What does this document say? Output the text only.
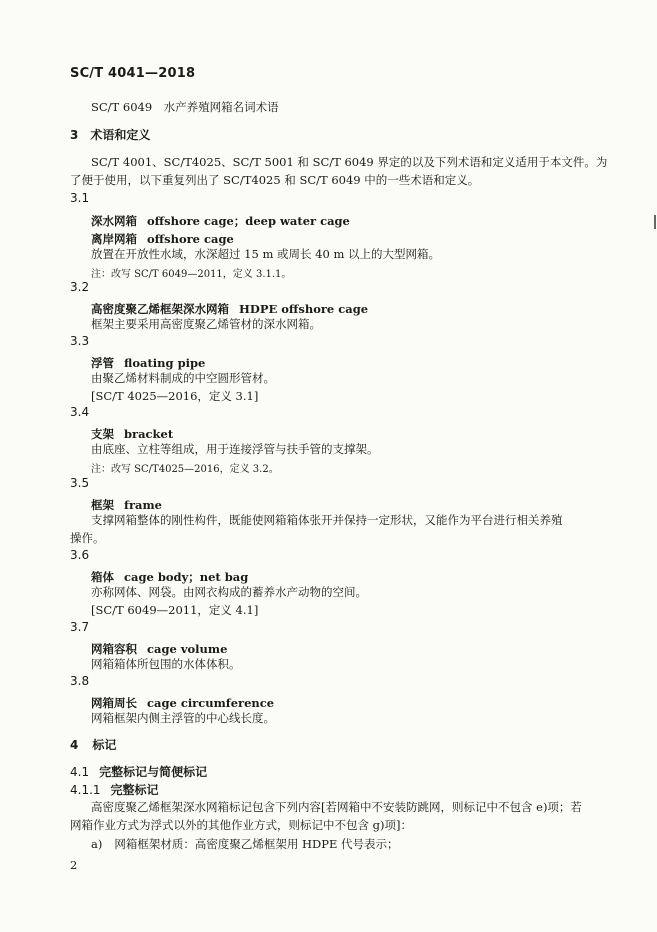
SC/T 4041—2018
SC/T 6049　水产养殖网箱名词术语
3 术语和定义
SC/T 4001、SC/T4025、SC/T 5001 和 SC/T 6049 界定的以及下列术语和定义适用于本文件。为
了便于使用，以下重复列出了 SC/T4025 和 SC/T 6049 中的一些术语和定义。
3.1
深水网箱 offshore cage；deep water cage
离岸网箱 offshore cage
放置在开放性水域，水深超过 15 m 或周长 40 m 以上的大型网箱。
注：改写 SC/T 6049—2011，定义 3.1.1。
3.2
高密度聚乙烯框架深水网箱 HDPE offshore cage
框架主要采用高密度聚乙烯管材的深水网箱。
3.3
浮管 floating pipe
由聚乙烯材料制成的中空圆形管材。
[SC/T 4025—2016，定义 3.1]
3.4
支架 bracket
由底座、立柱等组成，用于连接浮管与扶手管的支撑架。
注：改写 SC/T4025—2016，定义 3.2。
3.5
框架 frame
支撑网箱整体的刚性构件，既能使网箱箱体张开并保持一定形状，又能作为平台进行相关养殖
操作。
3.6
箱体 cage body；net bag
亦称网体、网袋。由网衣构成的蓄养水产动物的空间。
[SC/T 6049—2011，定义 4.1]
3.7
网箱容积 cage volume
网箱箱体所包围的水体体积。
3.8
网箱周长 cage circumference
网箱框架内侧主浮管的中心线长度。
4 标记
4.1 完整标记与简便标记
4.1.1 完整标记
高密度聚乙烯框架深水网箱标记包含下列内容[若网箱中不安装防跳网，则标记中不包含 e)项；若
网箱作业方式为浮式以外的其他作业方式，则标记中不包含 g)项]：
a) 网箱框架材质：高密度聚乙烯框架用 HDPE 代号表示；
2
